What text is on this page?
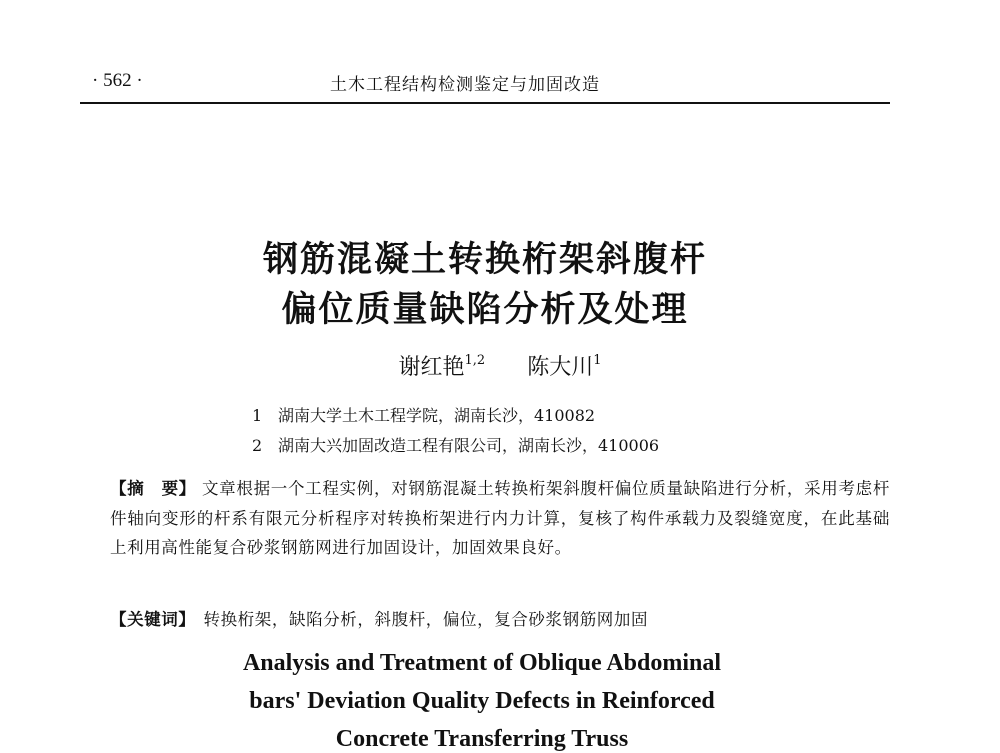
· 562 ·	土木工程结构检测鉴定与加固改造
钢筋混凝土转换桁架斜腹杆
偏位质量缺陷分析及处理
谢红艳$^{1,2}$ 陈大川$^1$
1 湖南大学土木工程学院，湖南长沙，410082
2 湖南大兴加固改造工程有限公司，湖南长沙，410006
【摘　要】 文章根据一个工程实例，对钢筋混凝土转换桁架斜腹杆偏位质量缺陷进行分析，采用考虑杆件轴向变形的杆系有限元分析程序对转换桁架进行内力计算，复核了构件承载力及裂缝宽度，在此基础上利用高性能复合砂浆钢筋网进行加固设计，加固效果良好。
【关键词】 转换桁架，缺陷分析，斜腹杆，偏位，复合砂浆钢筋网加固
Analysis and Treatment of Oblique Abdominal
bars' Deviation Quality Defects in Reinforced
Concrete Transferring Truss
